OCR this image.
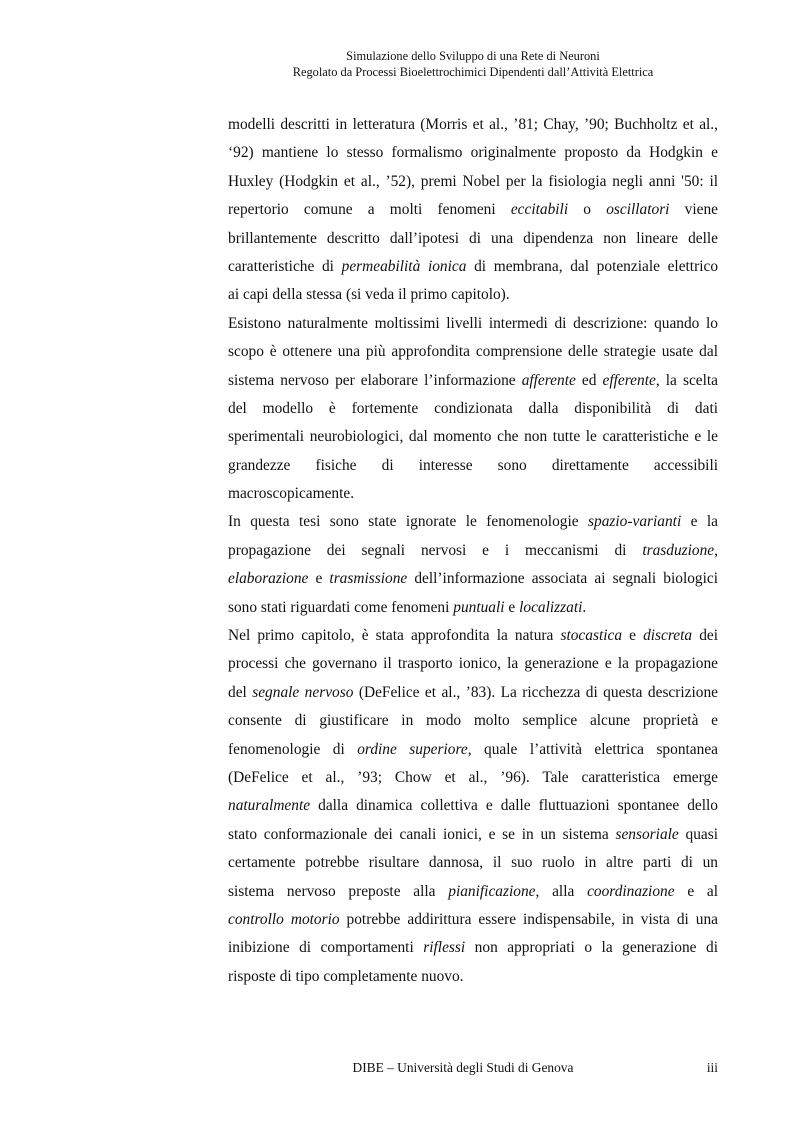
Simulazione dello Sviluppo di una Rete di Neuroni
Regolato da Processi Bioelettrochimici Dipendenti dall’Attività Elettrica
modelli descritti in letteratura (Morris et al., ’81; Chay, ’90; Buchholtz et al.,
‘92) mantiene lo stesso formalismo originalmente proposto da Hodgkin e
Huxley (Hodgkin et al., ’52), premi Nobel per la fisiologia negli anni '50: il
repertorio comune a molti fenomeni eccitabili o oscillatori viene
brillantemente descritto dall’ipotesi di una dipendenza non lineare delle
caratteristiche di permeabilità ionica di membrana, dal potenziale elettrico
ai capi della stessa (si veda il primo capitolo).
Esistono naturalmente moltissimi livelli intermedi di descrizione: quando lo
scopo è ottenere una più approfondita comprensione delle strategie usate dal
sistema nervoso per elaborare l’informazione afferente ed efferente, la scelta
del modello è fortemente condizionata dalla disponibilità di dati
sperimentali neurobiologici, dal momento che non tutte le caratteristiche e le
grandezze fisiche di interesse sono direttamente accessibili
macroscopicamente.
In questa tesi sono state ignorate le fenomenologie spazio-varianti e la
propagazione dei segnali nervosi e i meccanismi di trasduzione,
elaborazione e trasmissione dell’informazione associata ai segnali biologici
sono stati riguardati come fenomeni puntuali e localizzati.
Nel primo capitolo, è stata approfondita la natura stocastica e discreta dei
processi che governano il trasporto ionico, la generazione e la propagazione
del segnale nervoso (DeFelice et al., ’83). La ricchezza di questa descrizione
consente di giustificare in modo molto semplice alcune proprietà e
fenomenologie di ordine superiore, quale l’attività elettrica spontanea
(DeFelice et al., ’93; Chow et al., ’96). Tale caratteristica emerge
naturalmente dalla dinamica collettiva e dalle fluttuazioni spontanee dello
stato conformazionale dei canali ionici, e se in un sistema sensoriale quasi
certamente potrebbe risultare dannosa, il suo ruolo in altre parti di un
sistema nervoso preposte alla pianificazione, alla coordinazione e al
controllo motorio potrebbe addirittura essere indispensabile, in vista di una
inibizione di comportamenti riflessi non appropriati o la generazione di
risposte di tipo completamente nuovo.
DIBE – Università degli Studi di Genova	iii
